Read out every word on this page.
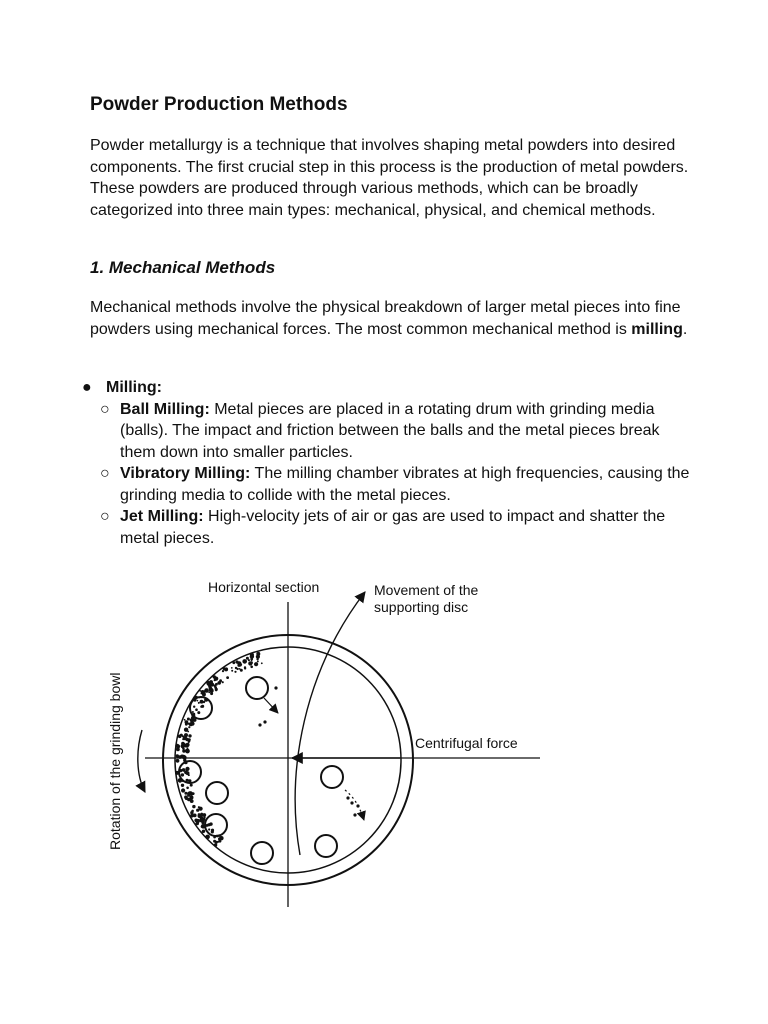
Powder Production Methods

Powder metallurgy is a technique that involves shaping metal powders into desired components. The first crucial step in this process is the production of metal powders. These powders are produced through various methods, which can be broadly categorized into three main types: mechanical, physical, and chemical methods.

1. Mechanical Methods

Mechanical methods involve the physical breakdown of larger metal pieces into fine powders using mechanical forces. The most common mechanical method is milling.

● Milling:
○ Ball Milling: Metal pieces are placed in a rotating drum with grinding media (balls). The impact and friction between the balls and the metal pieces break them down into smaller particles.
○ Vibratory Milling: The milling chamber vibrates at high frequencies, causing the grinding media to collide with the metal pieces.
○ Jet Milling: High-velocity jets of air or gas are used to impact and shatter the metal pieces.
Horizontal section	Movement of the
supporting disc
Centrifugal force
Rotation of the grinding bowl
